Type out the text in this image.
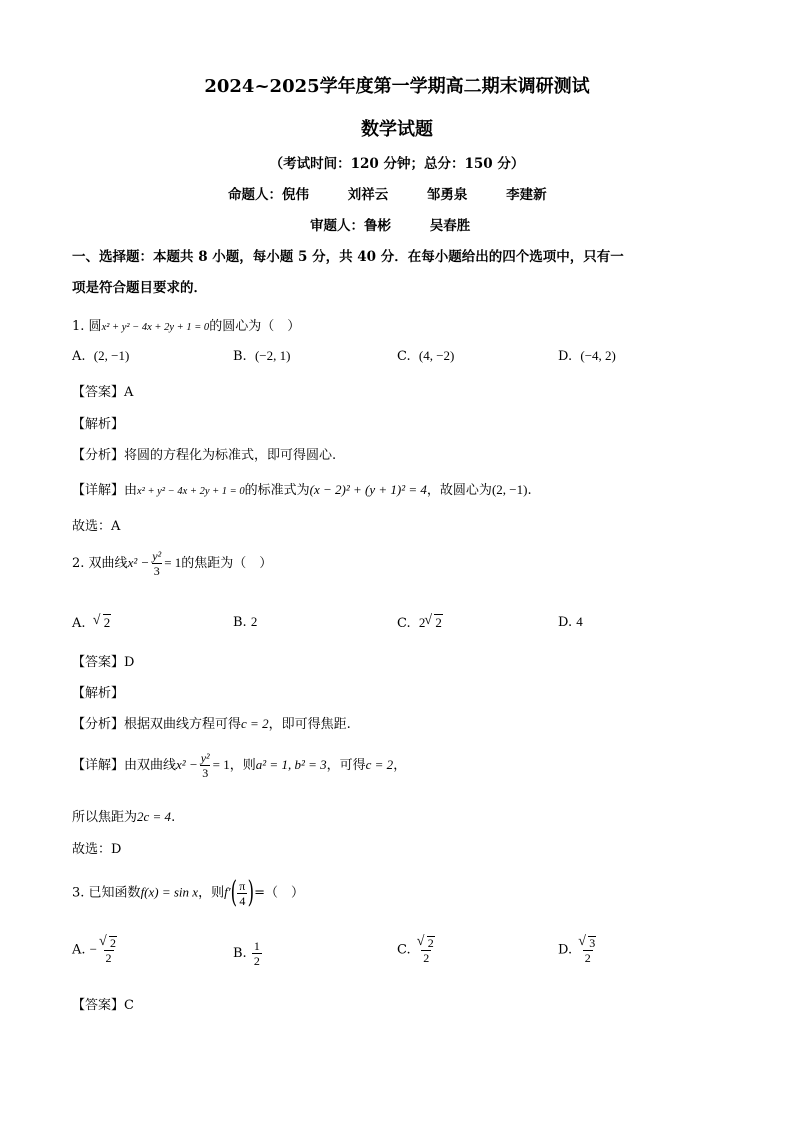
2024~2025学年度第一学期高二期末调研测试
数学试题
（考试时间：120 分钟；总分：150 分）
命题人：倪伟	刘祥云	邹勇泉	李建新
审题人：鲁彬	吴春胜
一、选择题：本题共 8 小题，每小题 5 分，共 40 分．在每小题给出的四个选项中，只有一
项是符合题目要求的．
1. 圆x² + y² − 4x + 2y + 1 = 0的圆心为（　）
A. (2, −1)	B. (−2, 1)	C. (4, −2)	D. (−4, 2)
【答案】A
【解析】
【分析】将圆的方程化为标准式，即可得圆心.
【详解】由x² + y² − 4x + 2y + 1 = 0的标准式为(x − 2)² + (y + 1)² = 4，故圆心为(2, −1).
故选：A
2. 双曲线$x^2 - \frac{\text{y²}}{3} = 1$的焦距为（　）
A. √ 2	B. 2	C. 2 √ 2	D. 4
【答案】D
【解析】
【分析】根据双曲线方程可得c = 2，即可得焦距.
【详解】由双曲线$x^2 - \frac{\text{y²}}{3} = 1$，则a² = 1, b² = 3，可得c = 2，
所以焦距为2c = 4.
故选：D
3. 已知函数f(x) = sin x，则$f'( \frac{\pi}{4}$ )=（　）
A. − √ $\frac{2}{2}$	B. $\frac{1}{2}$	C. √ $\frac{2}{2}$	D. √ $\frac{3}{2}$
【答案】C
